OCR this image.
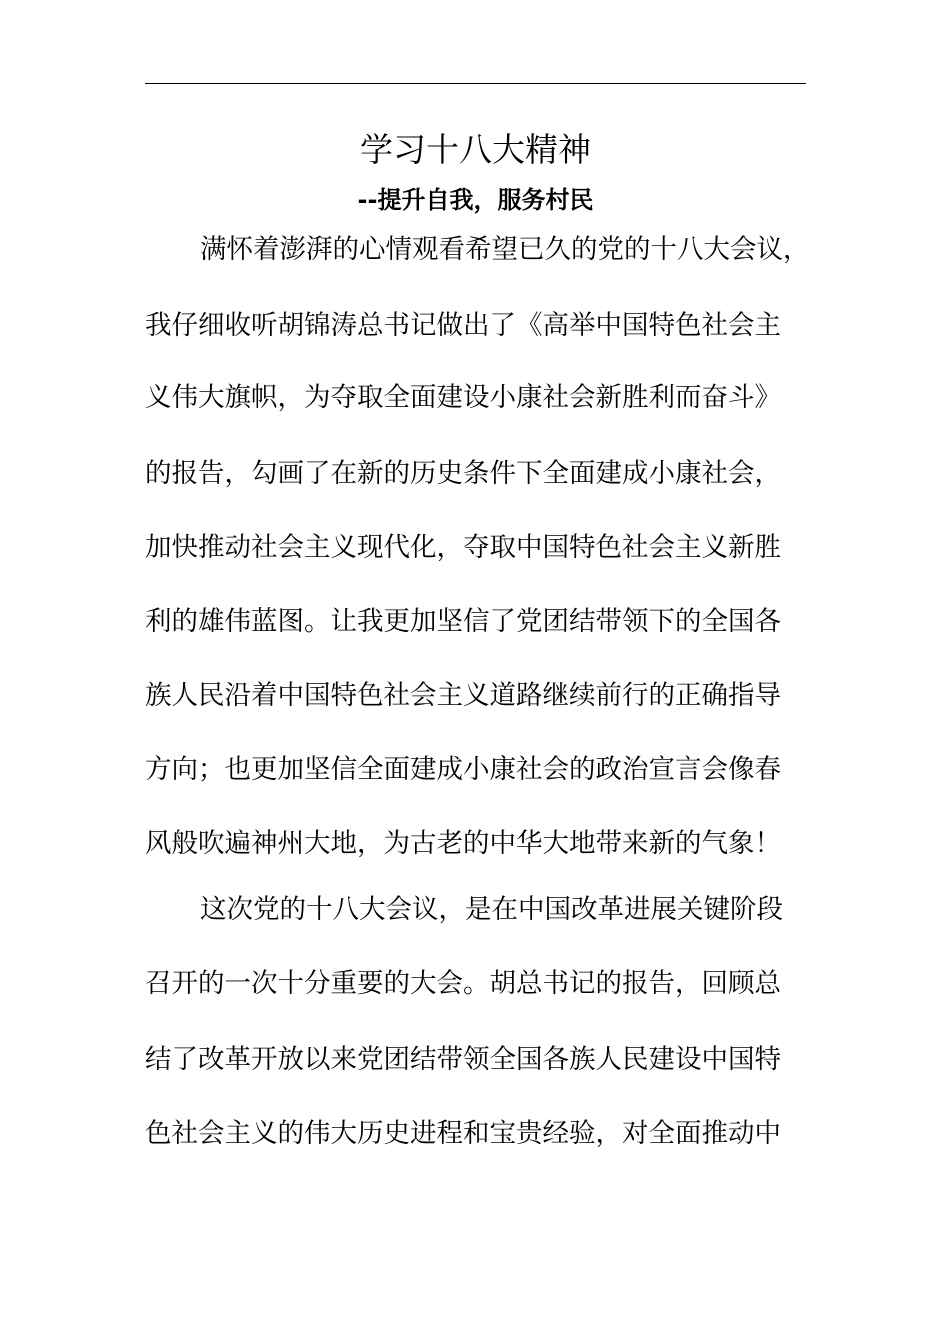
学习十八大精神
--提升自我，服务村民

满怀着澎湃的心情观看希望已久的党的十八大会议，

我仔细收听胡锦涛总书记做出了《高举中国特色社会主

义伟大旗帜，为夺取全面建设小康社会新胜利而奋斗》

的报告，勾画了在新的历史条件下全面建成小康社会，

加快推动社会主义现代化，夺取中国特色社会主义新胜

利的雄伟蓝图。让我更加坚信了党团结带领下的全国各

族人民沿着中国特色社会主义道路继续前行的正确指导

方向；也更加坚信全面建成小康社会的政治宣言会像春

风般吹遍神州大地，为古老的中华大地带来新的气象！

这次党的十八大会议，是在中国改革进展关键阶段

召开的一次十分重要的大会。胡总书记的报告，回顾总

结了改革开放以来党团结带领全国各族人民建设中国特

色社会主义的伟大历史进程和宝贵经验，对全面推动中
